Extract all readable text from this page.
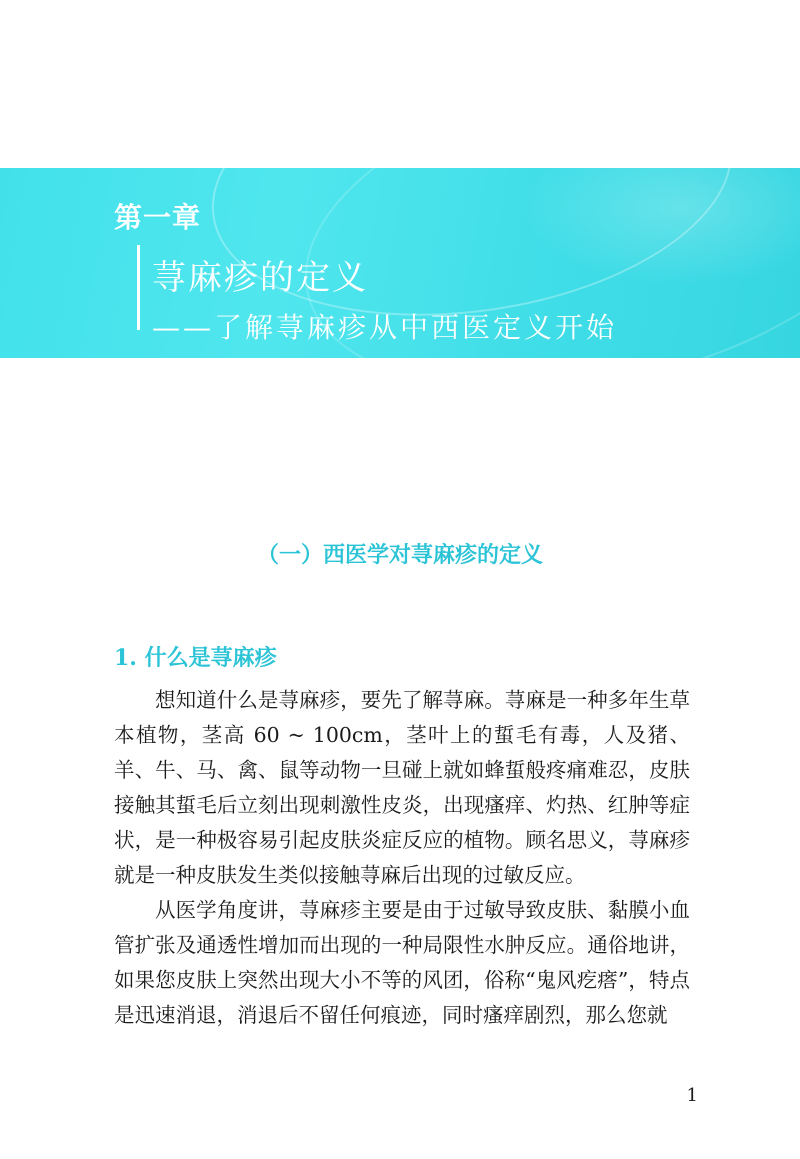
第一章
荨麻疹的定义
——了解荨麻疹从中西医定义开始
（一）西医学对荨麻疹的定义
1. 什么是荨麻疹

想知道什么是荨麻疹，要先了解荨麻。荨麻是一种多年生草本植物，茎高 60 ~ 100cm，茎叶上的蜇毛有毒，人及猪、羊、牛、马、禽、鼠等动物一旦碰上就如蜂蜇般疼痛难忍，皮肤接触其蜇毛后立刻出现刺激性皮炎，出现瘙痒、灼热、红肿等症状，是一种极容易引起皮肤炎症反应的植物。顾名思义，荨麻疹就是一种皮肤发生类似接触荨麻后出现的过敏反应。

从医学角度讲，荨麻疹主要是由于过敏导致皮肤、黏膜小血管扩张及通透性增加而出现的一种局限性水肿反应。通俗地讲，如果您皮肤上突然出现大小不等的风团，俗称“鬼风疙瘩”，特点是迅速消退，消退后不留任何痕迹，同时瘙痒剧烈，那么您就

1
